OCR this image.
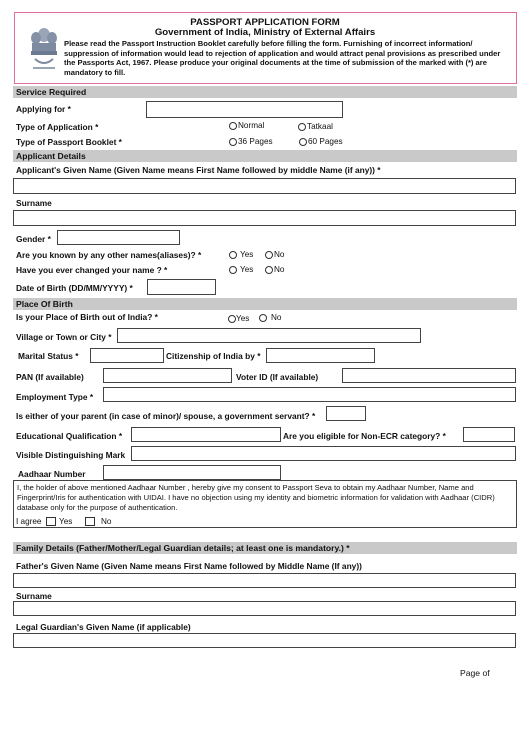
PASSPORT APPLICATION FORM
Government of India, Ministry of External Affairs
Please read the Passport Instruction Booklet carefully before filling the form. Furnishing of incorrect information/ suppression of information would lead to rejection of application and would attract penal provisions as prescribed under the Passports Act, 1967. Please produce your original documents at the time of submission of the marked with (*) are mandatory to fill.
Service Required
Applying for *
Type of Application *	Normal	Tatkaal
Type of Passport Booklet *	36 Pages	60 Pages
Applicant Details
Applicant's Given Name (Given Name means First Name followed by middle Name (if any)) *
Surname
Gender *
Are you known by any other names(aliases)? *	Yes	No
Have you ever changed your name ? *	Yes	No
Date of Birth (DD/MM/YYYY) *
Place Of Birth
Is your Place of Birth out of India? *	Yes	No
Village or Town or City *
Marital Status *	Citizenship of India by *
PAN (If available)	Voter ID (If available)
Employment Type *
Is either of your parent (in case of minor)/ spouse, a government servant? *
Educational Qualification *	Are you eligible for Non-ECR category? *
Visible Distinguishing Mark
Aadhaar Number
I, the holder of above mentioned Aadhaar Number , hereby give my consent to Passport Seva to obtain my Aadhaar Number, Name and Fingerprint/Iris for authentication with UIDAI. I have no objection using my identity and biometric information for validation with Aadhaar (CIDR) database only for the purpose of authentication.
I agree Yes	No
Family Details (Father/Mother/Legal Guardian details; at least one is mandatory.) *
Father's Given Name (Given Name means First Name followed by Middle Name (If any))
Surname
Legal Guardian's Given Name (if applicable)
Page of
